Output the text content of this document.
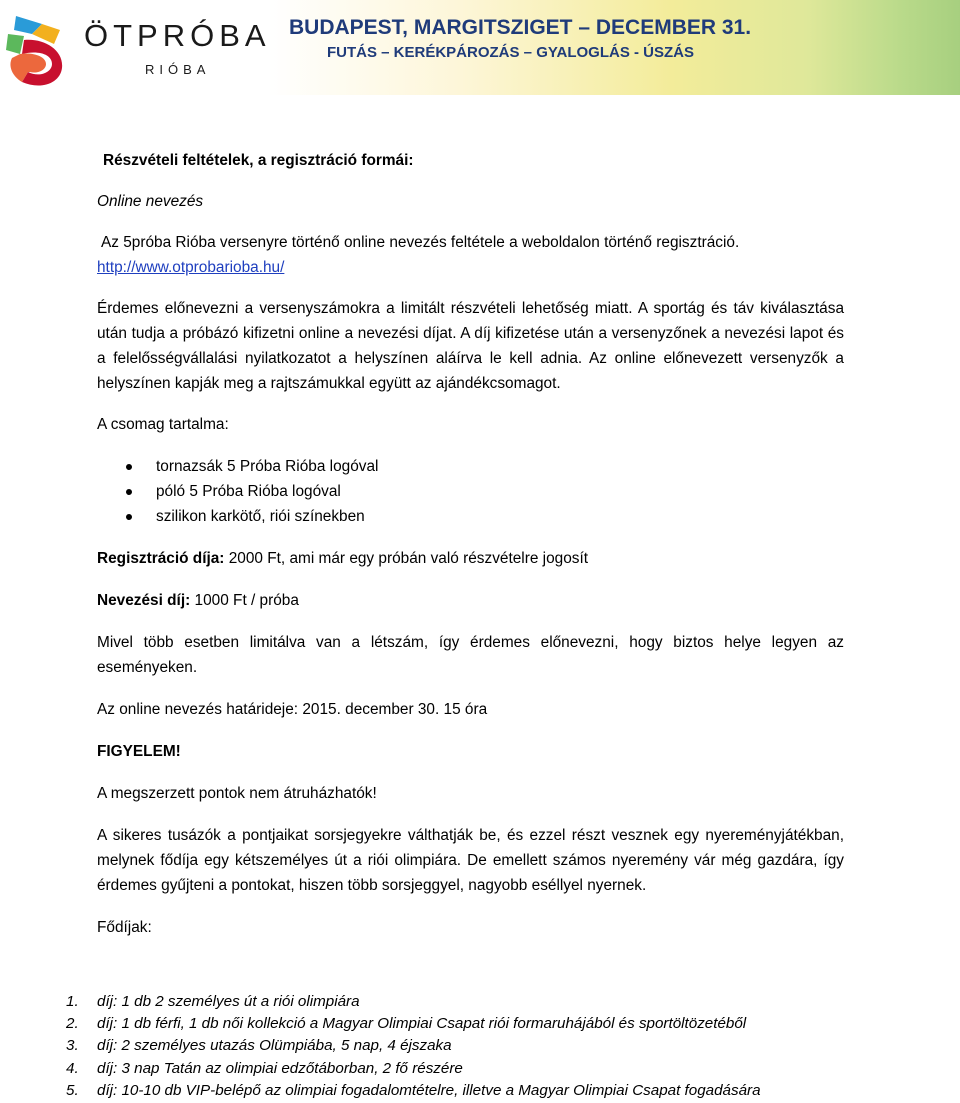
ÖTPRÓBA
RIÓBA
BUDAPEST, MARGITSZIGET – DECEMBER 31.
FUTÁS – KERÉKPÁROZÁS – GYALOGLÁS - ÚSZÁS

Részvételi feltételek, a regisztráció formái:

Online nevezés

Az 5próba Rióba versenyre történő online nevezés feltétele a weboldalon történő regisztráció.

http://www.otprobarioba.hu/

Érdemes előnevezni a versenyszámokra a limitált részvételi lehetőség miatt. A sportág és táv kiválasztása után tudja a próbázó kifizetni online a nevezési díjat. A díj kifizetése után a versenyzőnek a nevezési lapot és a felelősségvállalási nyilatkozatot a helyszínen aláírva le kell adnia. Az online előnevezett versenyzők a helyszínen kapják meg a rajtszámukkal együtt az ajándékcsomagot.

A csomag tartalma:

tornazsák 5 Próba Rióba logóval
póló 5 Próba Rióba logóval
szilikon karkötő, riói színekben

Regisztráció díja: 2000 Ft, ami már egy próbán való részvételre jogosít

Nevezési díj: 1000 Ft / próba

Mivel több esetben limitálva van a létszám, így érdemes előnevezni, hogy biztos helye legyen az eseményeken.

Az online nevezés határideje: 2015. december 30. 15 óra

FIGYELEM!

A megszerzett pontok nem átruházhatók!

A sikeres tusázók a pontjaikat sorsjegyekre válthatják be, és ezzel részt vesznek egy nyereményjátékban, melynek fődíja egy kétszemélyes út a riói olimpiára. De emellett számos nyeremény vár még gazdára, így érdemes gyűjteni a pontokat, hiszen több sorsjeggyel, nagyobb eséllyel nyernek.

Fődíjak:

1. díj: 1 db 2 személyes út a riói olimpiára
2. díj: 1 db férfi, 1 db női kollekció a Magyar Olimpiai Csapat riói formaruhájából és sportöltözetéből
3. díj: 2 személyes utazás Olümpiába, 5 nap, 4 éjszaka
4. díj: 3 nap Tatán az olimpiai edzőtáborban, 2 fő részére
5. díj: 10-10 db VIP-belépő az olimpiai fogadalomtételre, illetve a Magyar Olimpiai Csapat fogadására
